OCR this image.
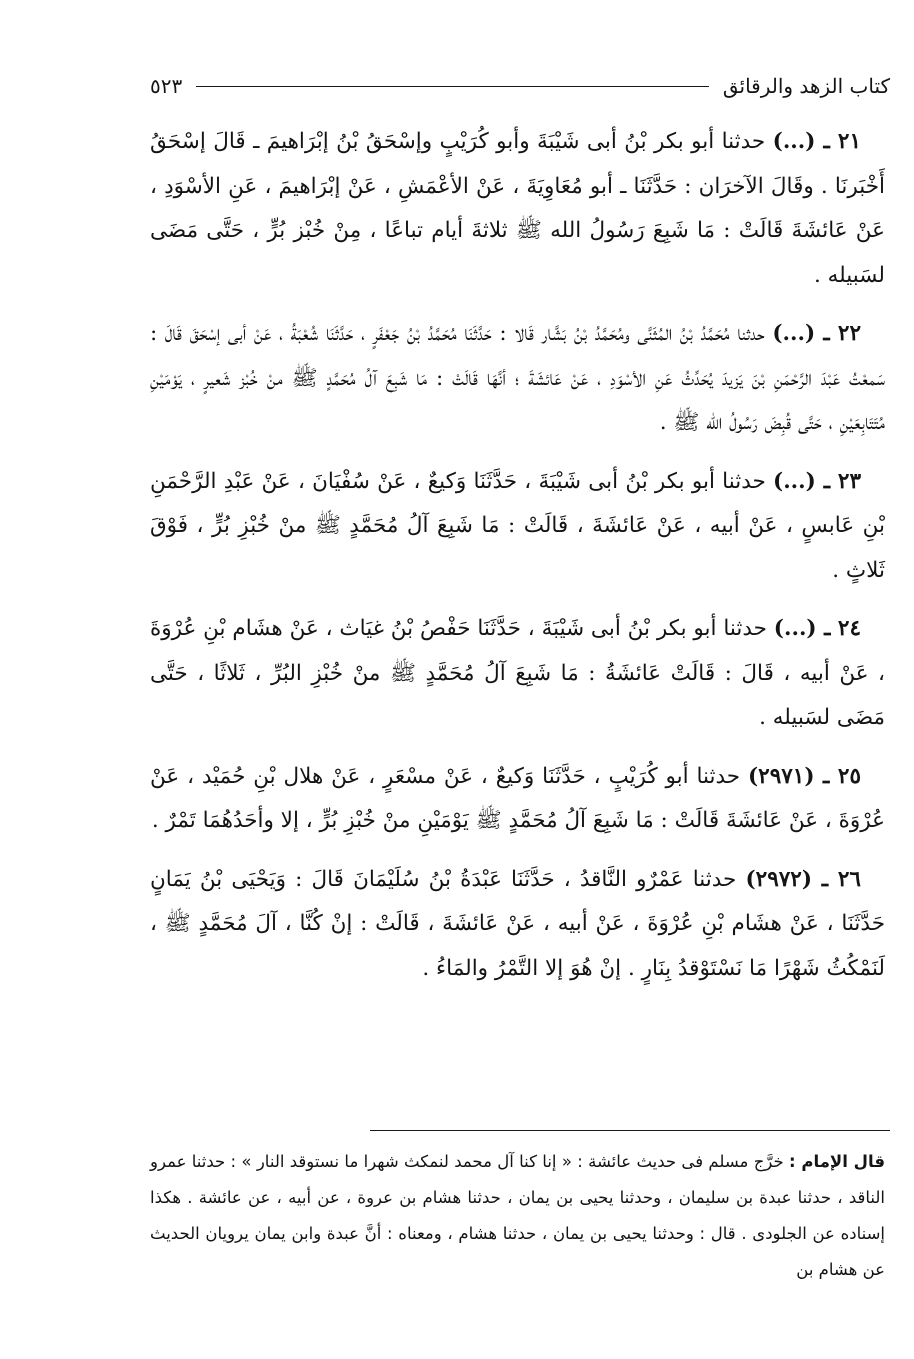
كتاب الزهد والرقائق
٥٢٣

٢١ ـ (...) حدثنا أبو بكر بْنُ أبى شَيْبَةَ وأبو كُرَيْبٍ وإسْحَقُ بْنُ إبْرَاهيمَ ـ قَالَ إسْحَقُ أَخْبَرنَا . وقَالَ الآخرَان : حَدَّثَنَا ـ أبو مُعَاوِيَةَ ، عَنْ الأعْمَشِ ، عَنْ إبْرَاهيمَ ، عَنِ الأسْوَدِ ، عَنْ عَائشَةَ قَالَتْ : مَا شَبِعَ رَسُولُ الله ﷺ ثلاثةَ أيام تباعًا ، مِنْ خُبْز بُرٍّ ، حَتَّى مَضَى لسَبيله .

٢٢ ـ (...) حدثنا مُحَمَّدُ بْنُ المُثَنَّى ومُحَمَّدُ بْنُ بَشَّار قَالا : حَدَّثَنَا مُحَمَّدُ بْنُ جَعْفَرٍ ، حَدَّثَنَا شُعْبَةُ ، عَنْ أبى إسْحَقَ قَالَ : سَمعْتُ عَبْدَ الرَّحْمَنِ بْنَ يَزيدَ يُحَدِّثُ عَنِ الأسْوَدِ ، عَنْ عَائشَةَ ؛ أنَّهَا قَالَتْ : مَا شَبِعَ آلُ مُحَمَّدٍ ﷺ منْ خُبْز شَعيرٍ ، يَوْمَيْنِ مُتَتَابِعَيْنِ ، حَتَّى قُبِضَ رَسُولُ الله ﷺ .

٢٣ ـ (...) حدثنا أبو بكر بْنُ أبى شَيْبَةَ ، حَدَّثَنَا وَكيعٌ ، عَنْ سُفْيَانَ ، عَنْ عَبْدِ الرَّحْمَنِ بْنِ عَابسٍ ، عَنْ أبيه ، عَنْ عَائشَةَ ، قَالَتْ : مَا شَبِعَ آلُ مُحَمَّدٍ ﷺ منْ خُبْزِ بُرٍّ ، فَوْقَ ثَلاثٍ .

٢٤ ـ (...) حدثنا أبو بكر بْنُ أبى شَيْبَةَ ، حَدَّثَنَا حَفْصُ بْنُ غيَاث ، عَنْ هشَام بْنِ عُرْوَةَ ، عَنْ أبيه ، قَالَ : قَالَتْ عَائشَةُ : مَا شَبِعَ آلُ مُحَمَّدٍ ﷺ منْ خُبْزِ البُرِّ ، ثَلاثًا ، حَتَّى مَضَى لسَبيله .

٢٥ ـ (٢٩٧١) حدثنا أبو كُرَيْبٍ ، حَدَّثَنَا وَكيعٌ ، عَنْ مسْعَرٍ ، عَنْ هلال بْنِ حُمَيْد ، عَنْ عُرْوَةَ ، عَنْ عَائشَةَ قَالَتْ : مَا شَبِعَ آلُ مُحَمَّدٍ ﷺ يَوْمَيْنِ منْ خُبْزِ بُرٍّ ، إلا وأحَدُهُمَا تَمْرٌ .

٢٦ ـ (٢٩٧٢) حدثنا عَمْرٌو النَّاقدُ ، حَدَّثَنَا عَبْدَةُ بْنُ سُلَيْمَانَ قَالَ : وَيَحْيَى بْنُ يَمَانٍ حَدَّثَنَا ، عَنْ هشَام بْنِ عُرْوَةَ ، عَنْ أبيه ، عَنْ عَائشَةَ ، قَالَتْ : إنْ كُنَّا ، آلَ مُحَمَّدٍ ﷺ ، لَنَمْكُثُ شَهْرًا مَا نَسْتَوْقدُ بِنَارٍ . إنْ هُوَ إلا التَّمْرُ والمَاءُ .

قال الإمام : خرَّج مسلم فى حديث عائشة : « إنا كنا آل محمد لنمكث شهرا ما نستوقد النار » : حدثنا عمرو الناقد ، حدثنا عبدة بن سليمان ، وحدثنا يحيى بن يمان ، حدثنا هشام بن عروة ، عن أبيه ، عن عائشة . هكذا إسناده عن الجلودى . قال : وحدثنا يحيى بن يمان ، حدثنا هشام ، ومعناه : أنَّ عبدة وابن يمان يرويان الحديث عن هشام بن
